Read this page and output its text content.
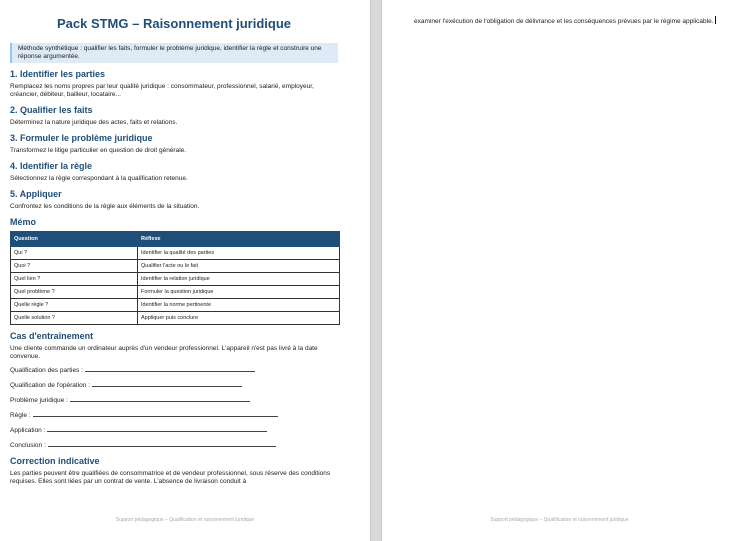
Pack STMG – Raisonnement juridique
Méthode synthétique : qualifier les faits, formuler le problème juridique, identifier la règle et construire une réponse argumentée.
1. Identifier les parties

Remplacez les noms propres par leur qualité juridique : consommateur, professionnel, salarié, employeur, créancier, débiteur, bailleur, locataire...

2. Qualifier les faits

Déterminez la nature juridique des actes, faits et relations.

3. Formuler le problème juridique

Transformez le litige particulier en question de droit générale.

4. Identifier la règle

Sélectionnez la règle correspondant à la qualification retenue.

5. Appliquer

Confrontez les conditions de la règle aux éléments de la situation.

Mémo
Question	Réflexe
Qui ?	Identifier la qualité des parties
Quoi ?	Qualifier l'acte ou le fait
Quel lien ?	Identifier la relation juridique
Quel problème ?	Formuler la question juridique
Quelle règle ?	Identifier la norme pertinente
Quelle solution ?	Appliquer puis conclure
Cas d'entraînement

Une cliente commande un ordinateur auprès d'un vendeur professionnel. L'appareil n'est pas livré à la date convenue.

Qualification des parties :
Qualification de l'opération :
Problème juridique :
Règle :
Application :
Conclusion :
Correction indicative

Les parties peuvent être qualifiées de consommatrice et de vendeur professionnel, sous réserve des conditions requises. Elles sont liées par un contrat de vente. L'absence de livraison conduit à

Support pédagogique – Qualification et raisonnement juridique

examiner l'exécution de l'obligation de délivrance et les conséquences prévues par le régime applicable.

Support pédagogique – Qualification et raisonnement juridique
